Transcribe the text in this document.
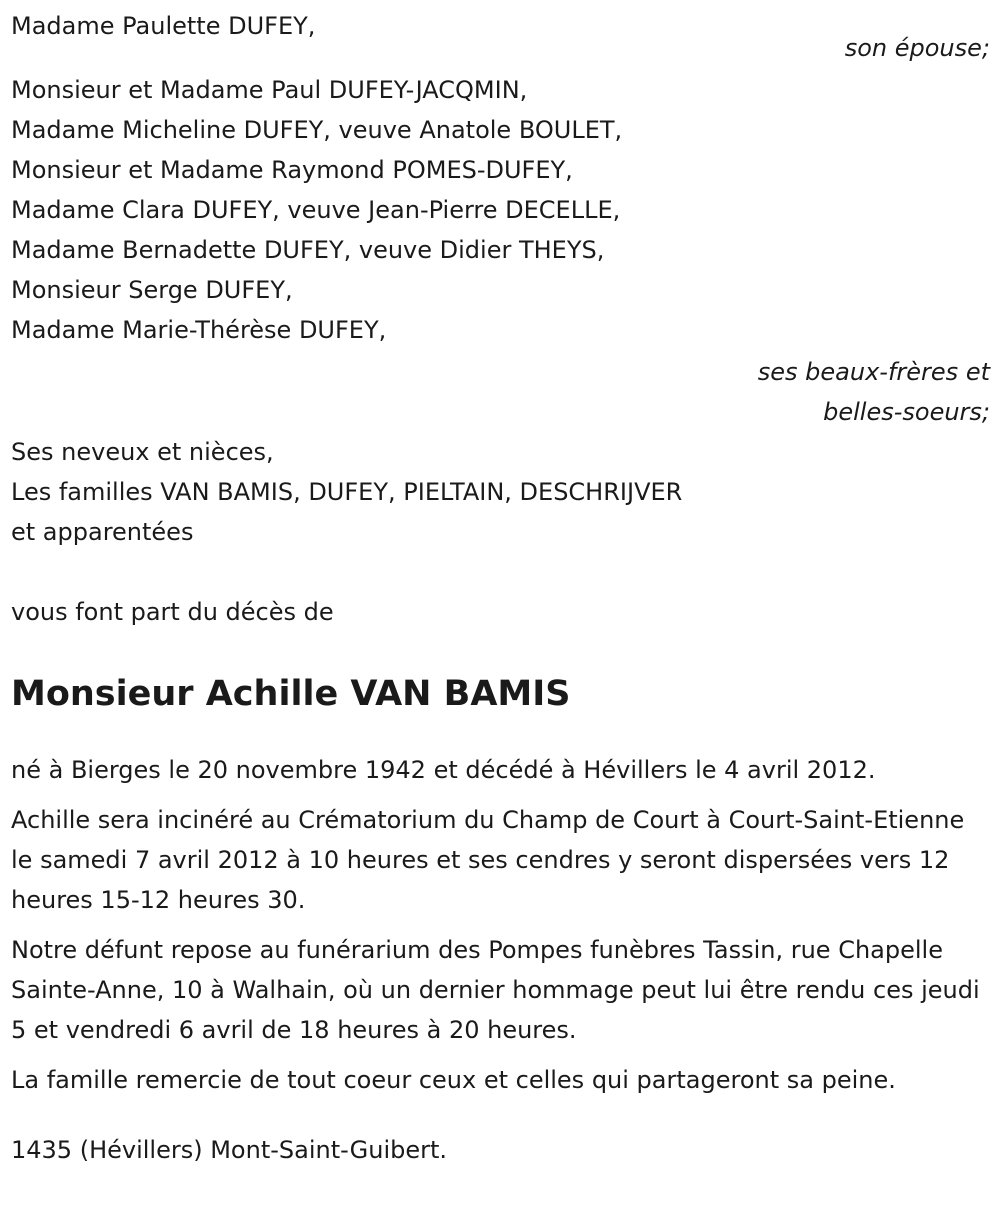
Madame Paulette DUFEY,
son épouse;
Monsieur et Madame Paul DUFEY-JACQMIN,
Madame Micheline DUFEY, veuve Anatole BOULET,
Monsieur et Madame Raymond POMES-DUFEY,
Madame Clara DUFEY, veuve Jean-Pierre DECELLE,
Madame Bernadette DUFEY, veuve Didier THEYS,
Monsieur Serge DUFEY,
Madame Marie-Thérèse DUFEY,
ses beaux-frères et
belles-soeurs;
Ses neveux et nièces,
Les familles VAN BAMIS, DUFEY, PIELTAIN, DESCHRIJVER
et apparentées
vous font part du décès de
Monsieur Achille VAN BAMIS
né à Bierges le 20 novembre 1942 et décédé à Hévillers le 4 avril 2012.
Achille sera incinéré au Crématorium du Champ de Court à Court-Saint-Etienne le samedi 7 avril 2012 à 10 heures et ses cendres y seront dispersées vers 12 heures 15-12 heures 30.
Notre défunt repose au funérarium des Pompes funèbres Tassin, rue Chapelle Sainte-Anne, 10 à Walhain, où un dernier hommage peut lui être rendu ces jeudi 5 et vendredi 6 avril de 18 heures à 20 heures.
La famille remercie de tout coeur ceux et celles qui partageront sa peine.
1435 (Hévillers) Mont-Saint-Guibert.
